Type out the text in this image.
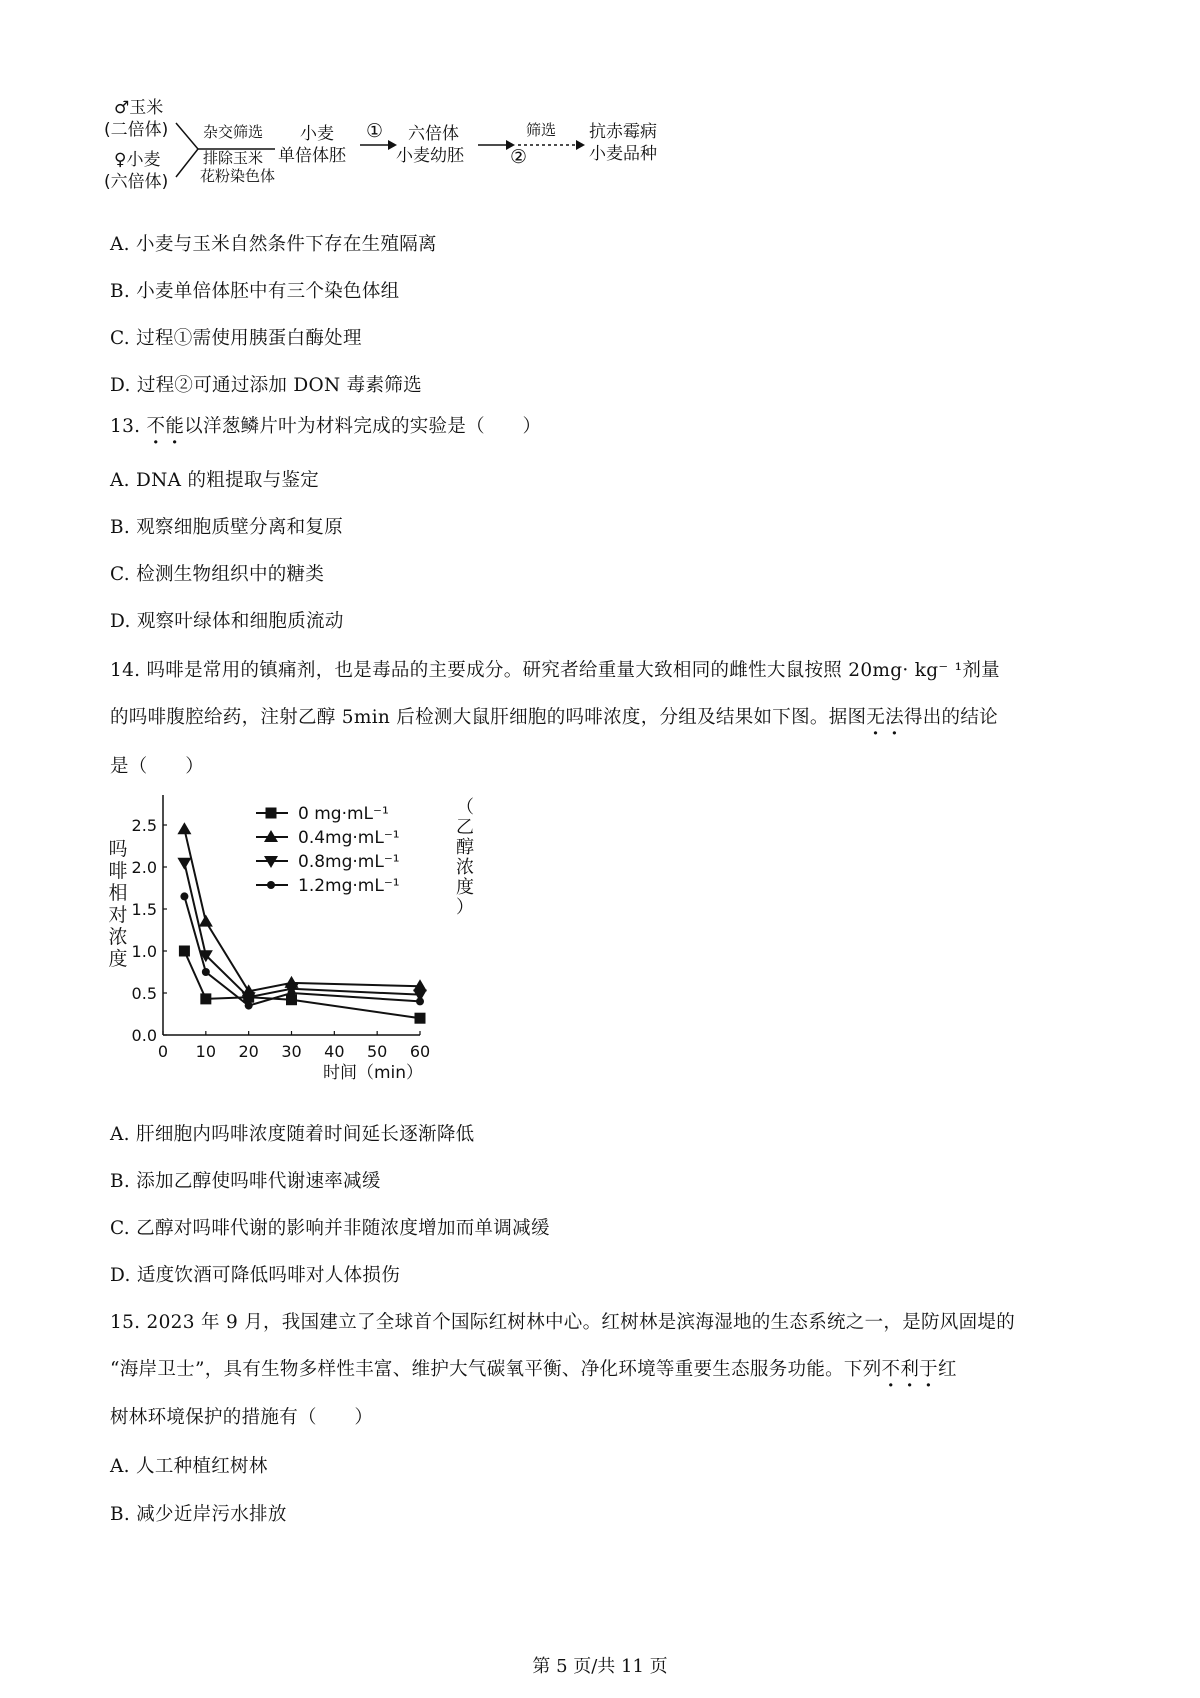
♂玉米
(二倍体)
♀小麦
(六倍体)
杂交筛选
排除玉米
花粉染色体
小麦
单倍体胚
① 六倍体
小麦幼胚
筛选
②
抗赤霉病
小麦品种
A. 小麦与玉米自然条件下存在生殖隔离
B. 小麦单倍体胚中有三个染色体组
C. 过程①需使用胰蛋白酶处理
D. 过程②可通过添加 DON 毒素筛选
13. 不能以洋葱鳞片叶为材料完成的实验是（　　）
A. DNA 的粗提取与鉴定
B. 观察细胞质壁分离和复原
C. 检测生物组织中的糖类
D. 观察叶绿体和细胞质流动
14. 吗啡是常用的镇痛剂，也是毒品的主要成分。研究者给重量大致相同的雌性大鼠按照 20mg· kg⁻ ¹剂量
的吗啡腹腔给药，注射乙醇 5min 后检测大鼠肝细胞的吗啡浓度，分组及结果如下图。据图无法得出的结论
是（　　）
0.0
0.5
1.0
1.5
2.0
2.5
0 10 20 30 40 50 60
吗
啡
相
对
浓
度
0 mg·mL⁻¹
0.4mg·mL⁻¹
0.8mg·mL⁻¹
1.2mg·mL⁻¹
（
乙
醇
浓
度
）
时间（min）
A. 肝细胞内吗啡浓度随着时间延长逐渐降低
B. 添加乙醇使吗啡代谢速率减缓
C. 乙醇对吗啡代谢的影响并非随浓度增加而单调减缓
D. 适度饮酒可降低吗啡对人体损伤
15. 2023 年 9 月，我国建立了全球首个国际红树林中心。红树林是滨海湿地的生态系统之一，是防风固堤的
“海岸卫士”，具有生物多样性丰富、维护大气碳氧平衡、净化环境等重要生态服务功能。下列不利于红
树林环境保护的措施有（　　）
A. 人工种植红树林
B. 减少近岸污水排放
第 5 页/共 11 页
